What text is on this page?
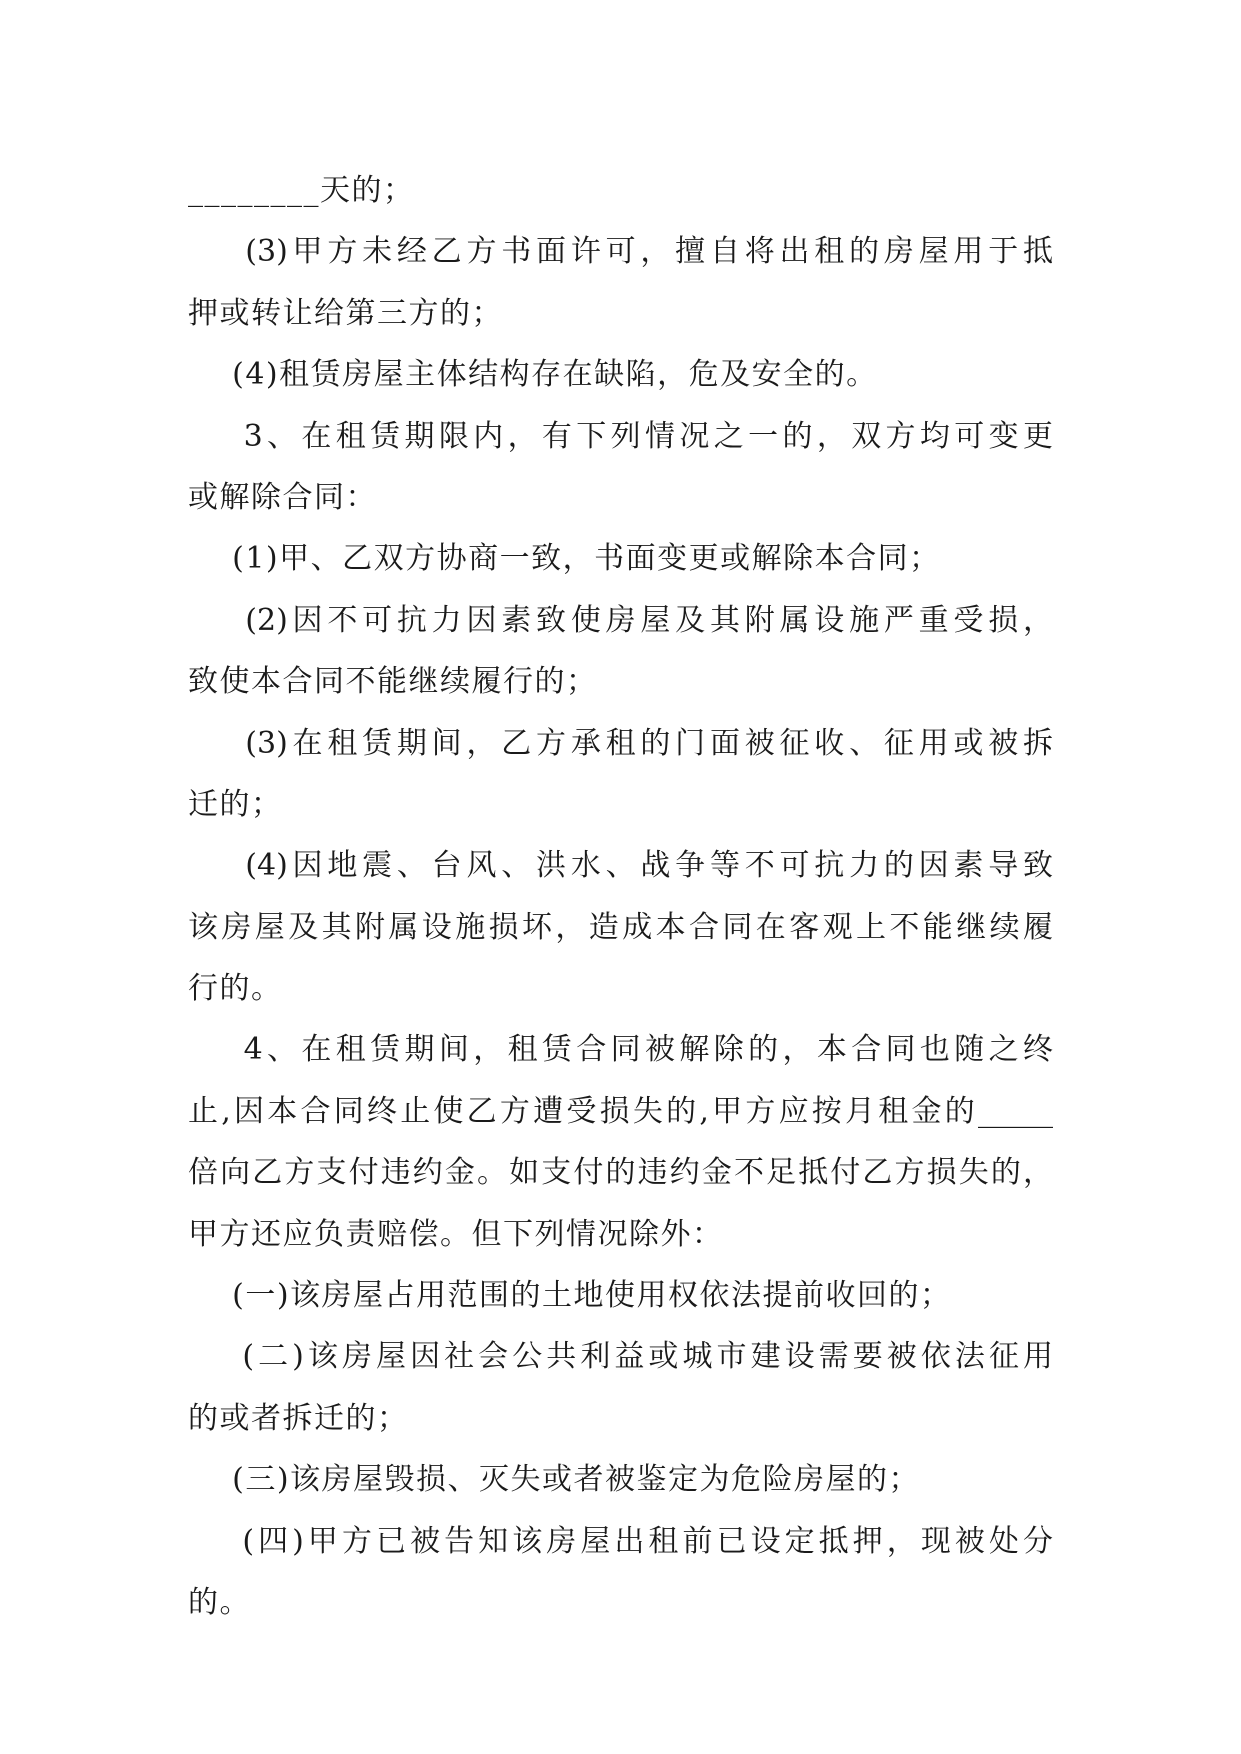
________天的；
(3)甲方未经乙方书面许可，擅自将出租的房屋用于抵
押或转让给第三方的；
(4)租赁房屋主体结构存在缺陷，危及安全的。
3、在租赁期限内，有下列情况之一的，双方均可变更
或解除合同：
(1)甲、乙双方协商一致，书面变更或解除本合同；
(2)因不可抗力因素致使房屋及其附属设施严重受损，
致使本合同不能继续履行的；
(3)在租赁期间，乙方承租的门面被征收、征用或被拆
迁的；
(4)因地震、台风、洪水、战争等不可抗力的因素导致
该房屋及其附属设施损坏，造成本合同在客观上不能继续履
行的。
4、在租赁期间，租赁合同被解除的，本合同也随之终
止,因本合同终止使乙方遭受损失的,甲方应按月租金的_____
倍向乙方支付违约金。如支付的违约金不足抵付乙方损失的，
甲方还应负责赔偿。但下列情况除外：
(一)该房屋占用范围的土地使用权依法提前收回的；
(二)该房屋因社会公共利益或城市建设需要被依法征用
的或者拆迁的；
(三)该房屋毁损、灭失或者被鉴定为危险房屋的；
(四)甲方已被告知该房屋出租前已设定抵押，现被处分
的。
